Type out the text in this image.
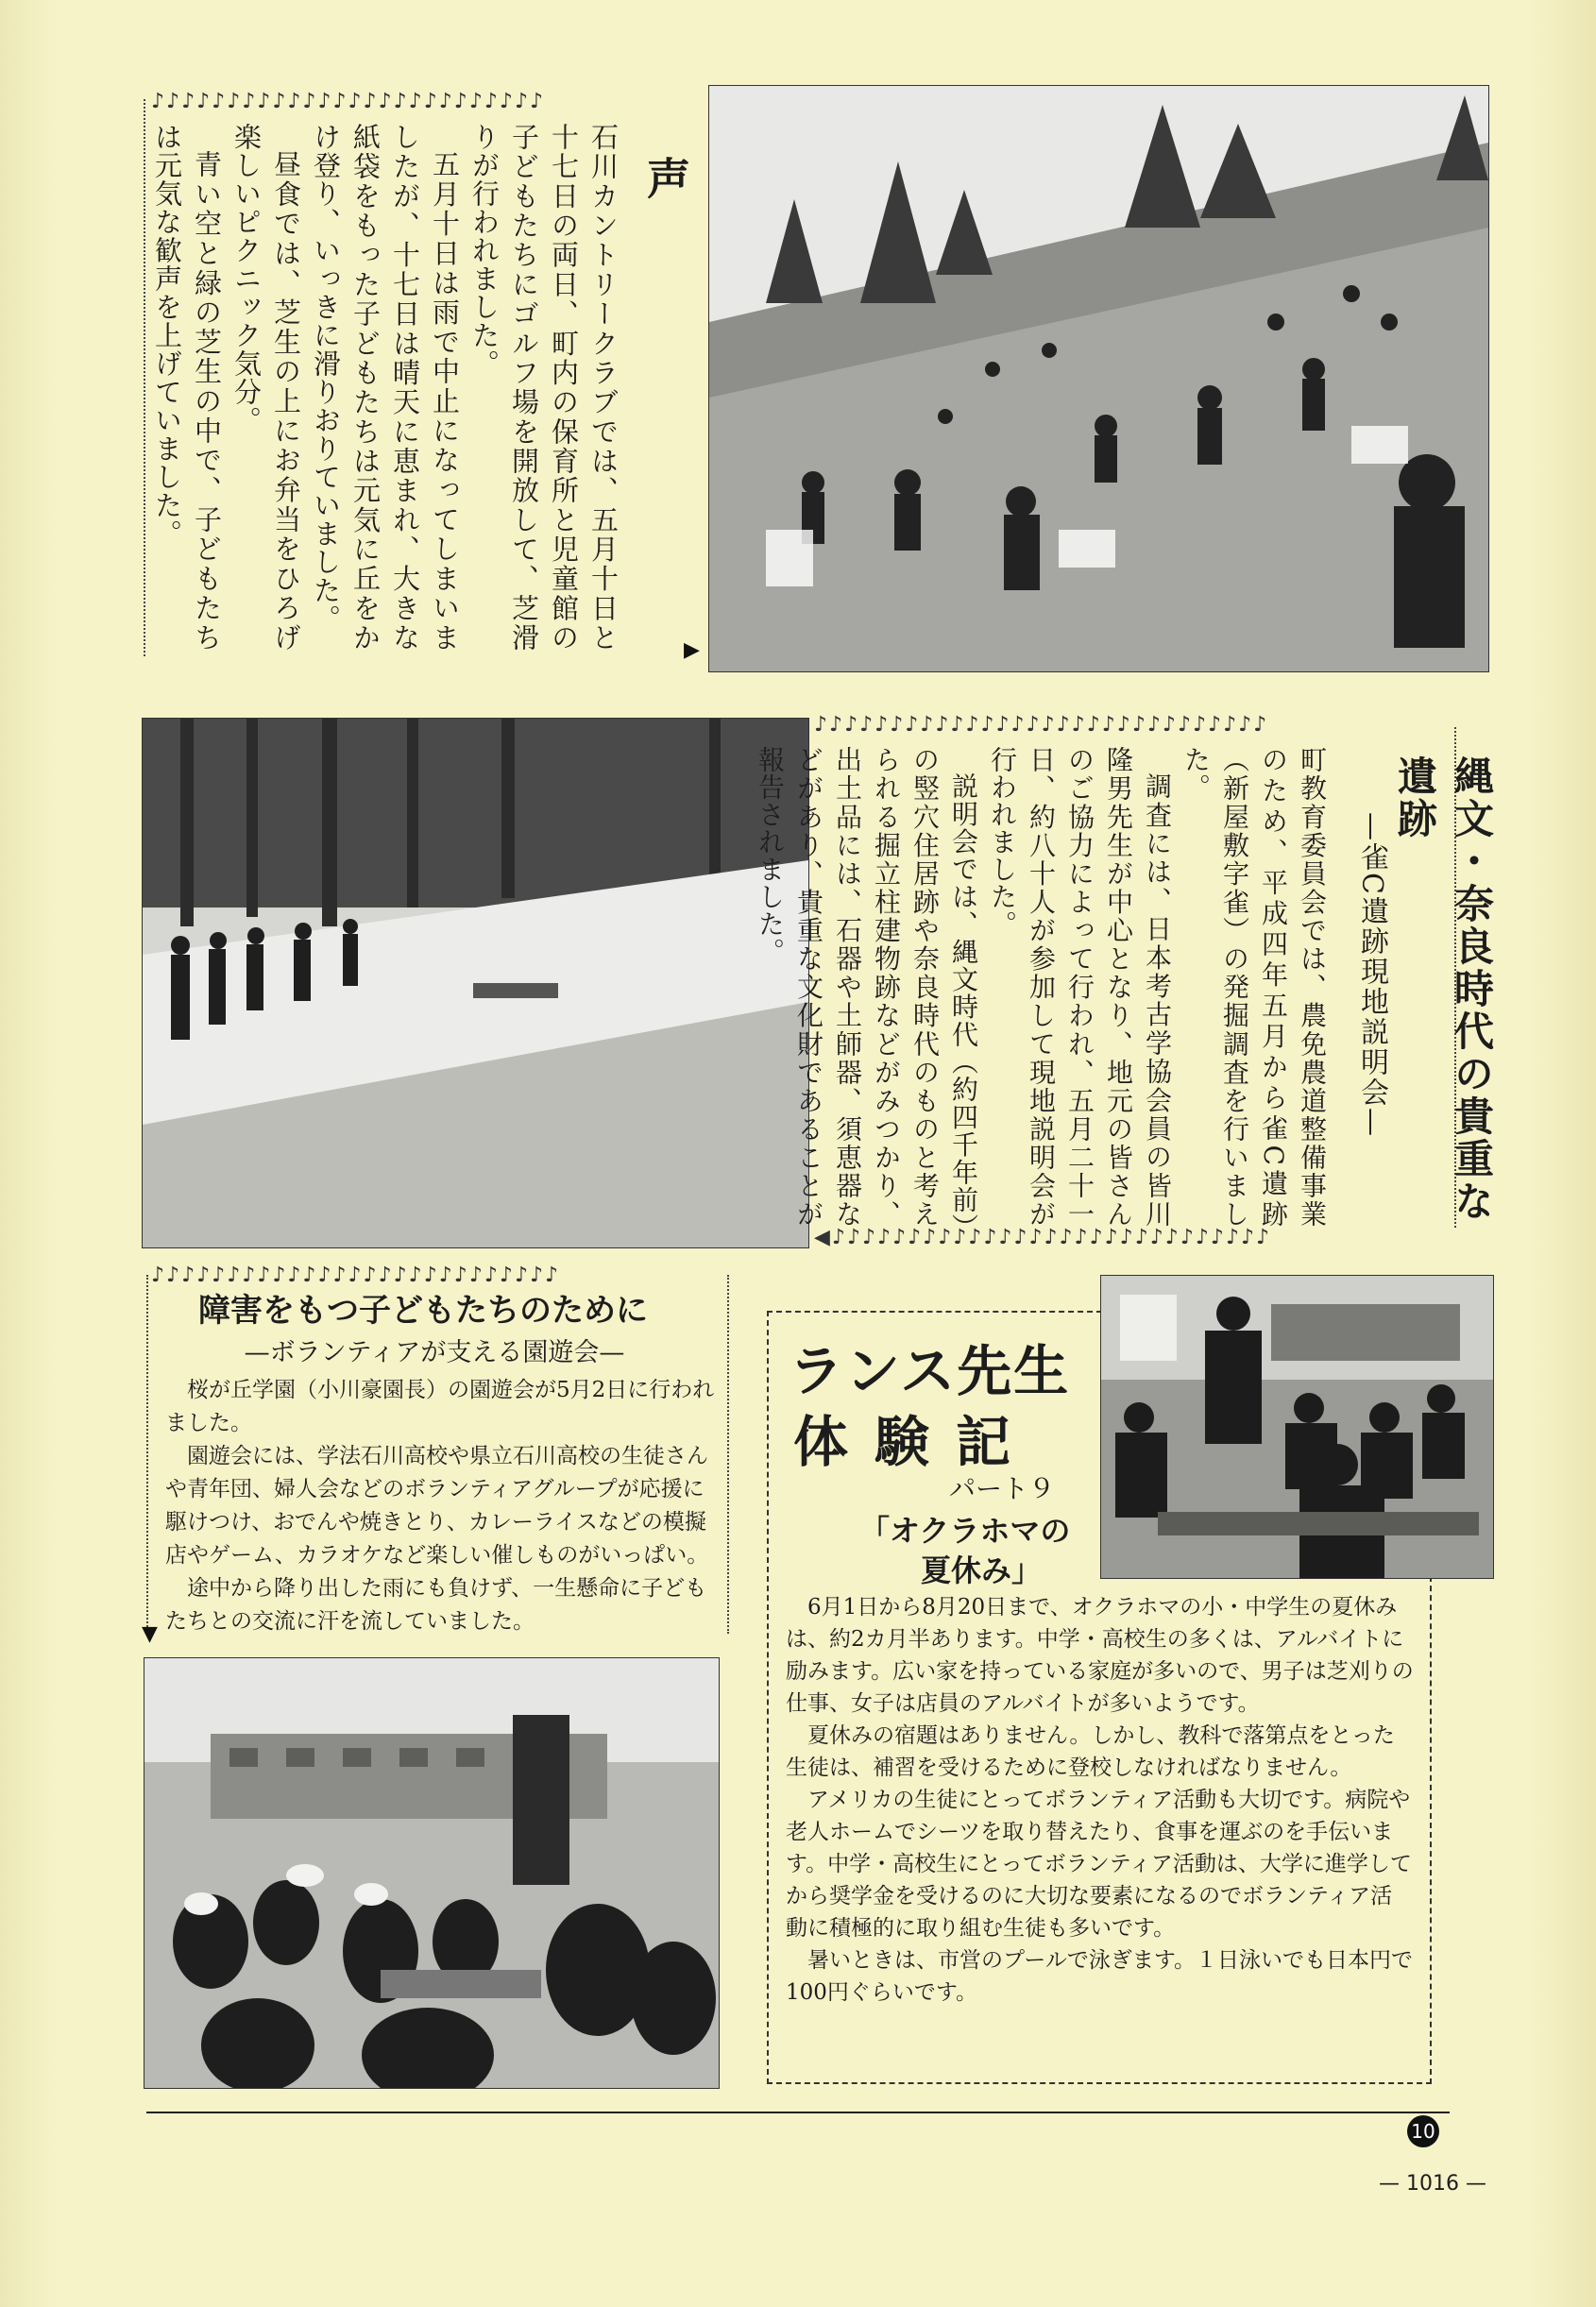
♪♪♪♪♪♪♪♪♪♪♪♪♪♪♪♪♪♪♪♪♪♪♪♪♪♪
▶
声

石川カントリークラブでは、五月十日と十七日の両日、町内の保育所と児童館の子どもたちにゴルフ場を開放して、芝滑りが行われました。

五月十日は雨で中止になってしまいましたが、十七日は晴天に恵まれ、大きな紙袋をもった子どもたちは元気に丘をかけ登り、いっきに滑りおりていました。

昼食では、芝生の上にお弁当をひろげ楽しいピクニック気分。

青い空と緑の芝生の中で、子どもたちは元気な歓声を上げていました。

♪♪♪♪♪♪♪♪♪♪♪♪♪♪♪♪♪♪♪♪♪♪♪♪♪♪♪♪♪♪
◀♪♪♪♪♪♪♪♪♪♪♪♪♪♪♪♪♪♪♪♪♪♪♪♪♪♪♪♪♪
縄文・奈良時代の貴重な遺跡
—雀C遺跡現地説明会—

町教育委員会では、農免農道整備事業のため、平成四年五月から雀C遺跡（新屋敷字雀）の発掘調査を行いました。

調査には、日本考古学協会員の皆川隆男先生が中心となり、地元の皆さんのご協力によって行われ、五月二十一日、約八十人が参加して現地説明会が行われました。

説明会では、縄文時代（約四千年前）の竪穴住居跡や奈良時代のものと考えられる掘立柱建物跡などがみつかり、出土品には、石器や土師器、須恵器などがあり、貴重な文化財であることが報告されました。

♪♪♪♪♪♪♪♪♪♪♪♪♪♪♪♪♪♪♪♪♪♪♪♪♪♪♪
▼
障害をもつ子どもたちのために
—ボランティアが支える園遊会—

桜が丘学園（小川豪園長）の園遊会が5月2日に行われました。

園遊会には、学法石川高校や県立石川高校の生徒さんや青年団、婦人会などのボランティアグループが応援に駆けつけ、おでんや焼きとり、カレーライスなどの模擬店やゲーム、カラオケなど楽しい催しものがいっぱい。

途中から降り出した雨にも負けず、一生懸命に子どもたちとの交流に汗を流していました。

ランス先生
体験記
パート９
「オクラホマの
夏休み」

6月1日から8月20日まで、オクラホマの小・中学生の夏休みは、約2カ月半あります。中学・高校生の多くは、アルバイトに励みます。広い家を持っている家庭が多いので、男子は芝刈りの仕事、女子は店員のアルバイトが多いようです。

夏休みの宿題はありません。しかし、教科で落第点をとった生徒は、補習を受けるために登校しなければなりません。

アメリカの生徒にとってボランティア活動も大切です。病院や老人ホームでシーツを取り替えたり、食事を運ぶのを手伝います。中学・高校生にとってボランティア活動は、大学に進学してから奨学金を受けるのに大切な要素になるのでボランティア活動に積極的に取り組む生徒も多いです。

暑いときは、市営のプールで泳ぎます。１日泳いでも日本円で100円ぐらいです。

10
— 1016 —
